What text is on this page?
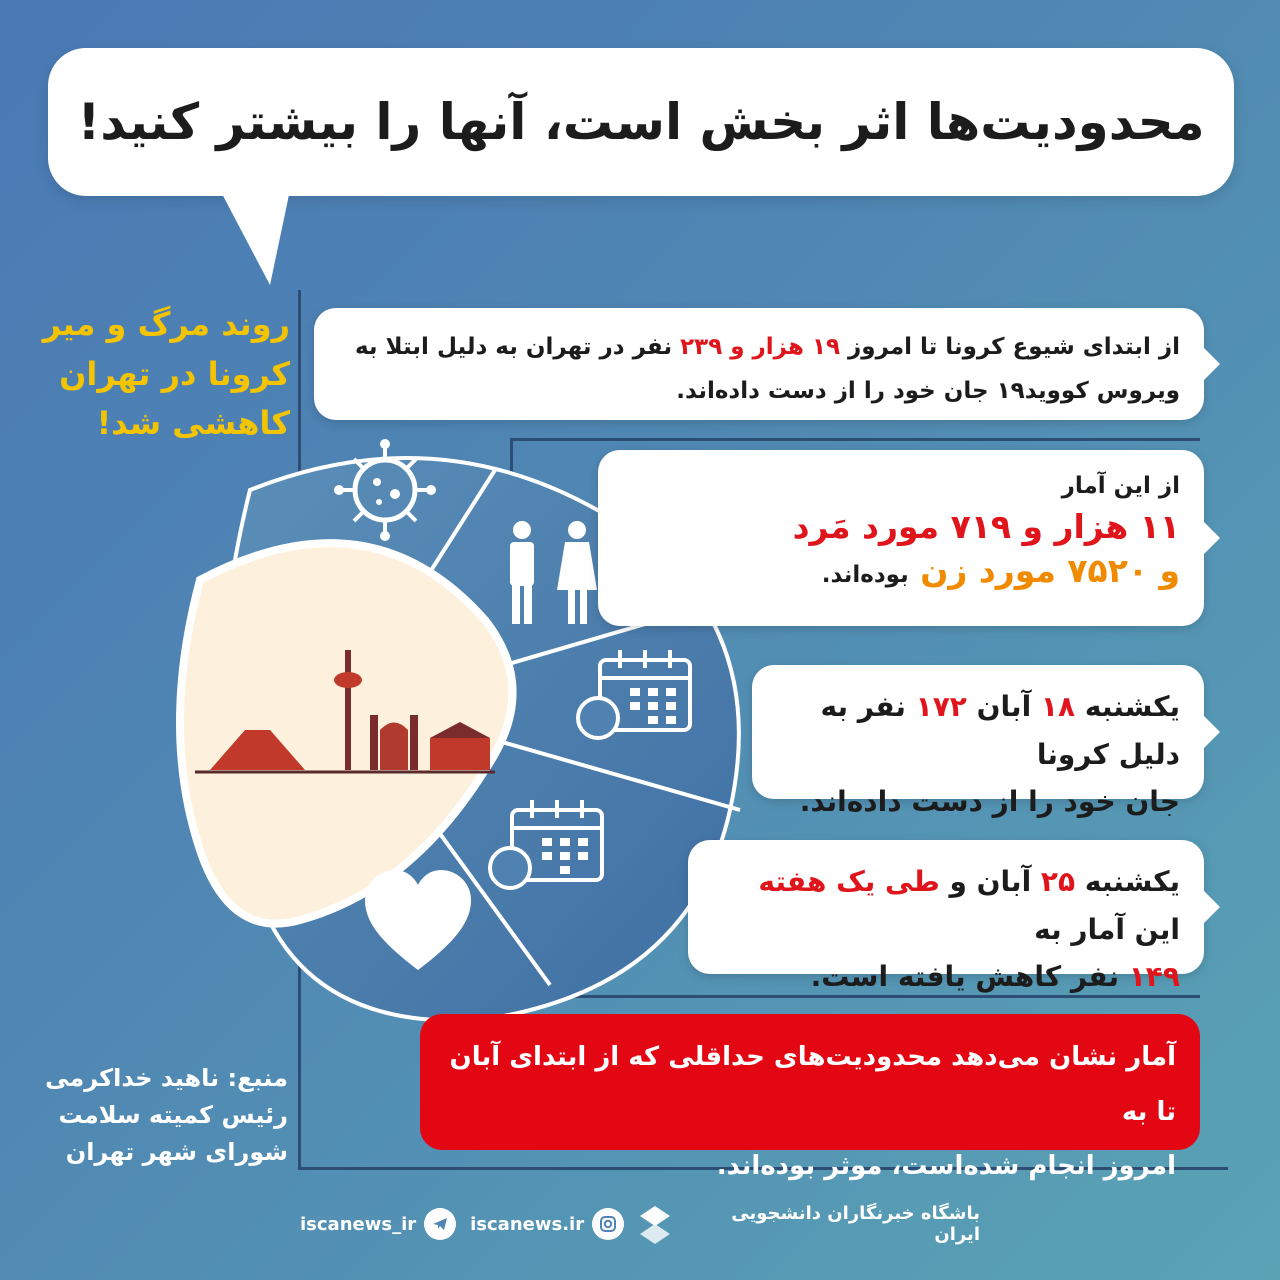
محدودیت‌ها اثر بخش است، آنها را بیشتر کنید!
روند مرگ و میر
کرونا در تهران
کاهشی شد!
از ابتدای شیوع کرونا تا امروز ۱۹ هزار و ۲۳۹ نفر در تهران به دلیل ابتلا به
ویروس کووید۱۹ جان خود را از دست داده‌اند.
از این آمار
۱۱ هزار و ۷۱۹ مورد مَرد
و ۷۵۲۰ مورد زن بوده‌اند.
یکشنبه ۱۸ آبان ۱۷۲ نفر به دلیل کرونا
جان خود را از دست داده‌اند.
یکشنبه ۲۵ آبان و طی یک هفته این آمار به
۱۴۹ نفر کاهش یافته است.
آمار نشان می‌دهد محدودیت‌های حداقلی که از ابتدای آبان تا به
امروز انجام شده‌است، موثر بوده‌اند.
منبع: ناهید خداکرمی
رئیس کمیته سلامت
شورای شهر تهران
iscanews_ir	iscanews.ir	باشگاه خبرنگاران دانشجویی ایران
